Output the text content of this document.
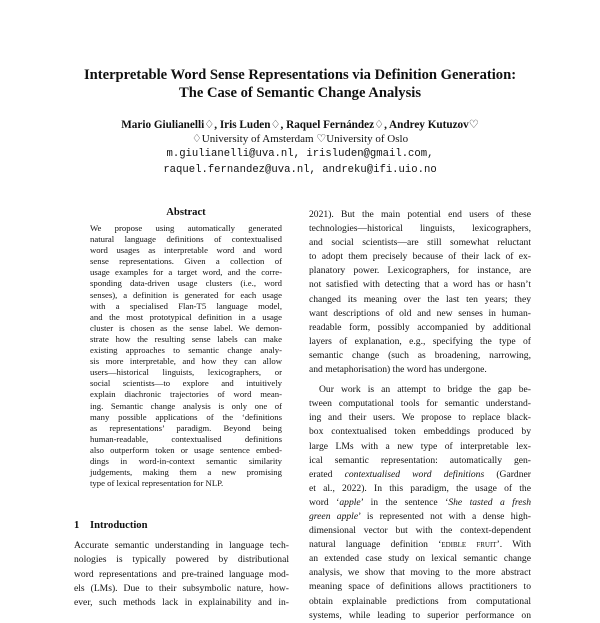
Interpretable Word Sense Representations via Definition Generation:
The Case of Semantic Change Analysis
Mario Giulianelli♢, Iris Luden♢, Raquel Fernández♢, Andrey Kutuzov♡
♢University of Amsterdam ♡University of Oslo
m.giulianelli@uva.nl, irisluden@gmail.com,
raquel.fernandez@uva.nl, andreku@ifi.uio.no
Abstract
We propose using automatically generated
natural language definitions of contextualised
word usages as interpretable word and word
sense representations. Given a collection of
usage examples for a target word, and the corre-
sponding data-driven usage clusters (i.e., word
senses), a definition is generated for each usage
with a specialised Flan-T5 language model,
and the most prototypical definition in a usage
cluster is chosen as the sense label. We demon-
strate how the resulting sense labels can make
existing approaches to semantic change analy-
sis more interpretable, and how they can allow
users—historical linguists, lexicographers, or
social scientists—to explore and intuitively
explain diachronic trajectories of word mean-
ing. Semantic change analysis is only one of
many possible applications of the ‘definitions
as representations’ paradigm. Beyond being
human-readable, contextualised definitions
also outperform token or usage sentence embed-
dings in word-in-context semantic similarity
judgements, making them a new promising
type of lexical representation for NLP.
1 Introduction
Accurate semantic understanding in language tech-
nologies is typically powered by distributional
word representations and pre-trained language mod-
els (LMs). Due to their subsymbolic nature, how-
ever, such methods lack in explainability and in-
2021). But the main potential end users of these
technologies—historical linguists, lexicographers,
and social scientists—are still somewhat reluctant
to adopt them precisely because of their lack of ex-
planatory power. Lexicographers, for instance, are
not satisfied with detecting that a word has or hasn’t
changed its meaning over the last ten years; they
want descriptions of old and new senses in human-
readable form, possibly accompanied by additional
layers of explanation, e.g., specifying the type of
semantic change (such as broadening, narrowing,
and metaphorisation) the word has undergone.
Our work is an attempt to bridge the gap be-
tween computational tools for semantic understand-
ing and their users. We propose to replace black-
box contextualised token embeddings produced by
large LMs with a new type of interpretable lex-
ical semantic representation: automatically gen-
erated contextualised word definitions (Gardner
et al., 2022). In this paradigm, the usage of the
word ‘apple’ in the sentence ‘She tasted a fresh
green apple’ is represented not with a dense high-
dimensional vector but with the context-dependent
natural language definition ‘edible fruit’. With
an extended case study on lexical semantic change
analysis, we show that moving to the more abstract
meaning space of definitions allows practitioners to
obtain explainable predictions from computational
systems, while leading to superior performance on
